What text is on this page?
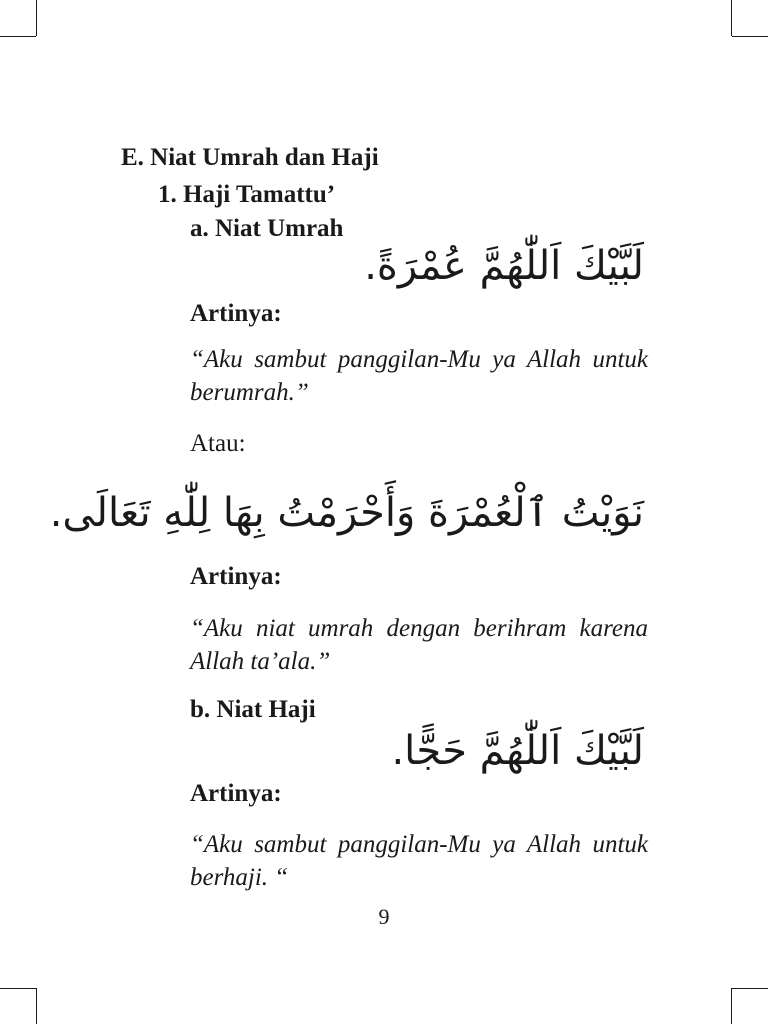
E. Niat Umrah dan Haji
1. Haji Tamattu’
a. Niat Umrah

لَبَّيْكَ اَللّٰهُمَّ عُمْرَةً.

Artinya:

“Aku sambut panggilan-Mu ya Allah untuk berumrah.”

Atau:

نَوَيْتُ ٱلْعُمْرَةَ وَأَحْرَمْتُ بِهَا لِلّٰهِ تَعَالَى.

Artinya:

“Aku niat umrah dengan berihram karena Allah ta’ala.”

b. Niat Haji

لَبَّيْكَ اَللّٰهُمَّ حَجًّا.

Artinya:

“Aku sambut panggilan-Mu ya Allah untuk berhaji. “

9
